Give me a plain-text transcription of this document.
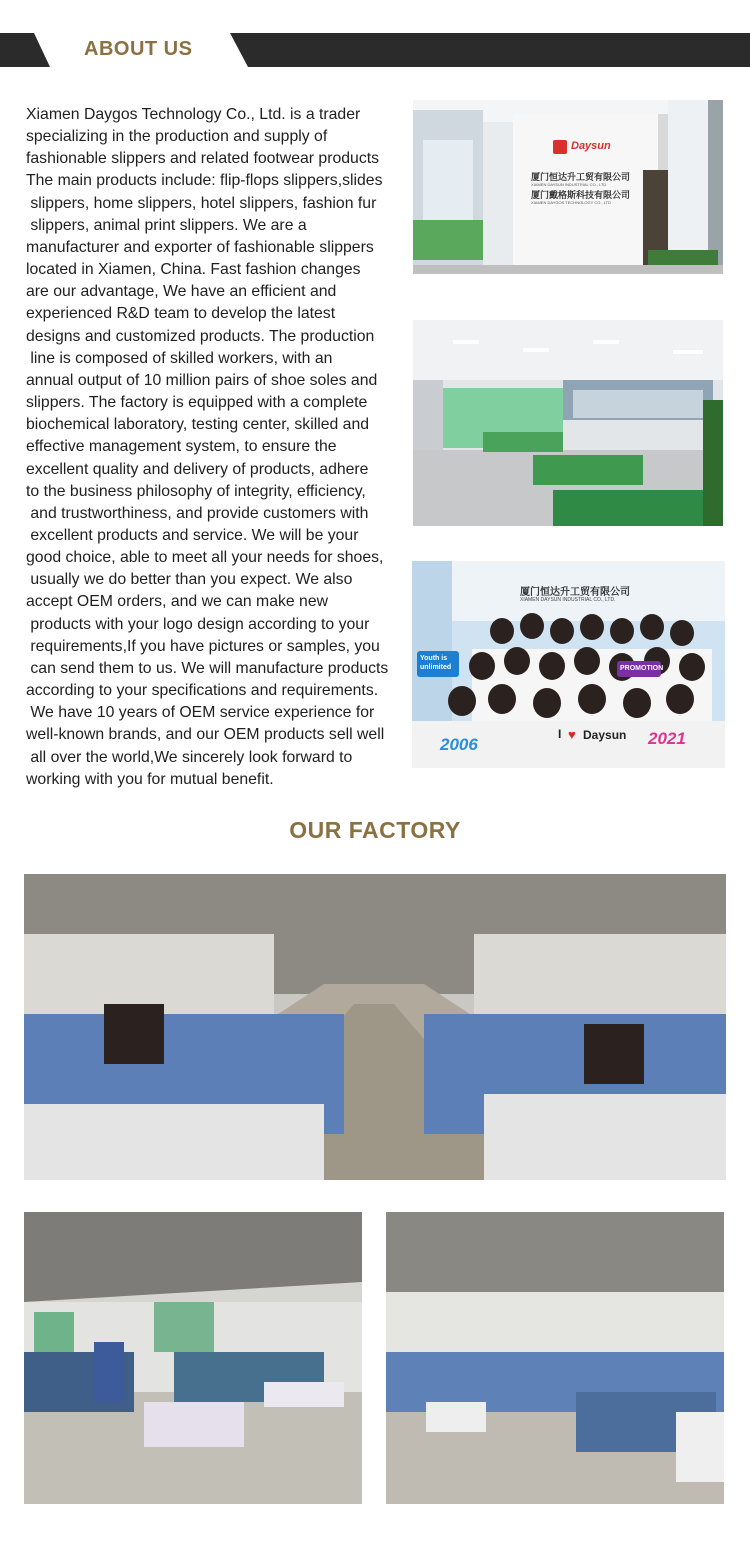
ABOUT US
Xiamen Daygos Technology Co., Ltd. is a trader
specializing in the production and supply of
fashionable slippers and related footwear products
The main products include: flip-flops slippers,slides
slippers, home slippers, hotel slippers, fashion fur
slippers, animal print slippers. We are a
manufacturer and exporter of fashionable slippers
located in Xiamen, China. Fast fashion changes
are our advantage, We have an efficient and
experienced R&D team to develop the latest
designs and customized products. The production
line is composed of skilled workers, with an
annual output of 10 million pairs of shoe soles and
slippers. The factory is equipped with a complete
biochemical laboratory, testing center, skilled and
effective management system, to ensure the
excellent quality and delivery of products, adhere
to the business philosophy of integrity, efficiency,
and trustworthiness, and provide customers with
excellent products and service. We will be your
good choice, able to meet all your needs for shoes,
usually we do better than you expect. We also
accept OEM orders, and we can make new
products with your logo design according to your
requirements,If you have pictures or samples, you
can send them to us. We will manufacture products
according to your specifications and requirements.
We have 10 years of OEM service experience for
well-known brands, and our OEM products sell well
all over the world,We sincerely look forward to
working with you for mutual benefit.
Daysun
厦门恒达升工贸有限公司
XIAMEN DAYSUN INDUSTRIAL CO., LTD
厦门戴格斯科技有限公司
XIAMEN DAYGOS TECHNOLOGY CO., LTD
厦门恒达升工贸有限公司
XIAMEN DAYSUN INDUSTRIAL CO., LTD.
Youth is unlimited	PROMOTION
2006
I ♥ Daysun 2021
OUR FACTORY
